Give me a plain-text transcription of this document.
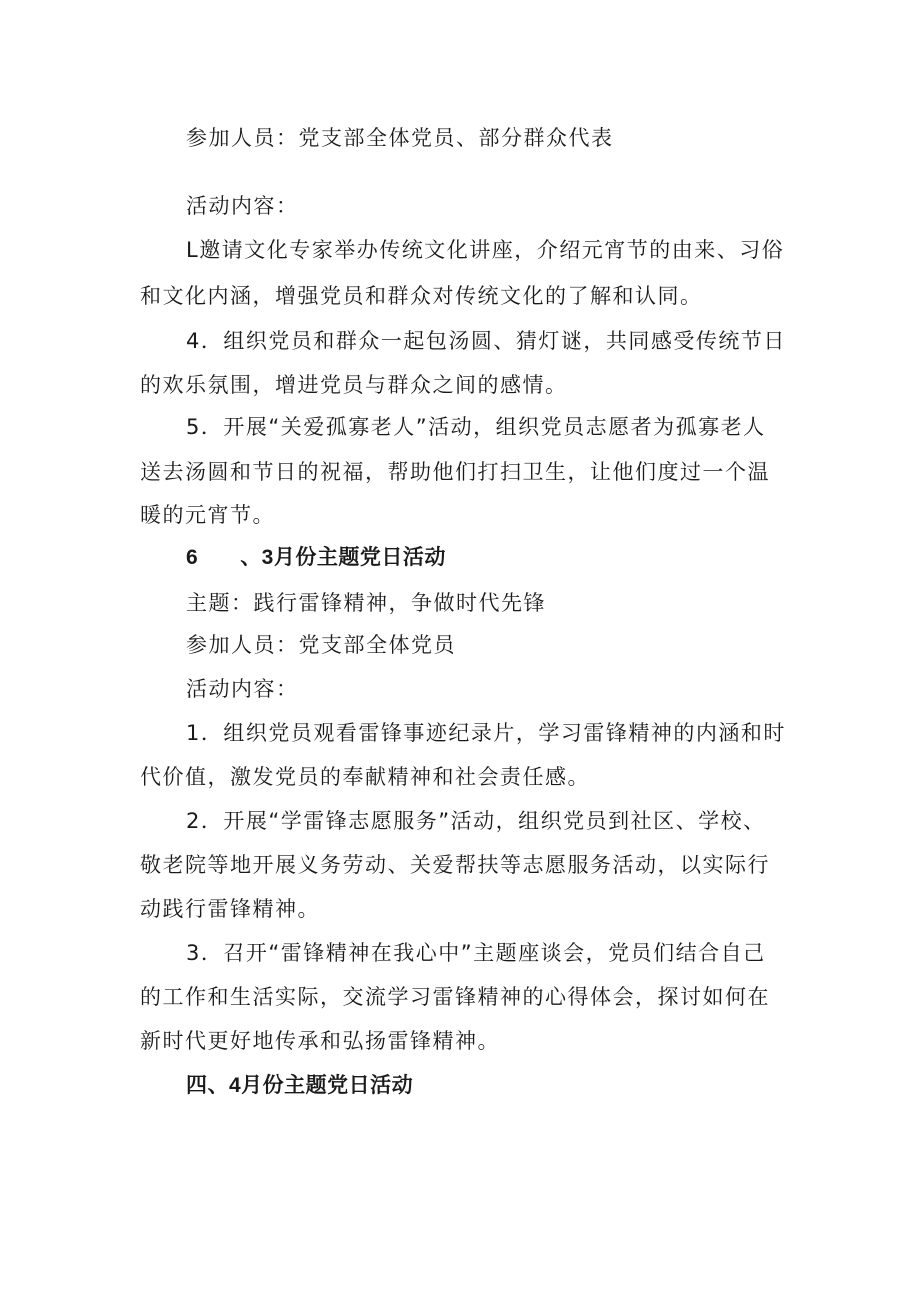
参加人员：党支部全体党员、部分群众代表

活动内容：

L邀请文化专家举办传统文化讲座，介绍元宵节的由来、习俗

和文化内涵，增强党员和群众对传统文化的了解和认同。

4．组织党员和群众一起包汤圆、猜灯谜，共同感受传统节日

的欢乐氛围，增进党员与群众之间的感情。

5．开展“关爱孤寡老人”活动，组织党员志愿者为孤寡老人

送去汤圆和节日的祝福，帮助他们打扫卫生，让他们度过一个温

暖的元宵节。

6 、3月份主题党日活动

主题：践行雷锋精神，争做时代先锋

参加人员：党支部全体党员

活动内容：

1．组织党员观看雷锋事迹纪录片，学习雷锋精神的内涵和时

代价值，激发党员的奉献精神和社会责任感。

2．开展“学雷锋志愿服务”活动，组织党员到社区、学校、

敬老院等地开展义务劳动、关爱帮扶等志愿服务活动，以实际行

动践行雷锋精神。

3．召开“雷锋精神在我心中”主题座谈会，党员们结合自己

的工作和生活实际，交流学习雷锋精神的心得体会，探讨如何在

新时代更好地传承和弘扬雷锋精神。

四、4月份主题党日活动
